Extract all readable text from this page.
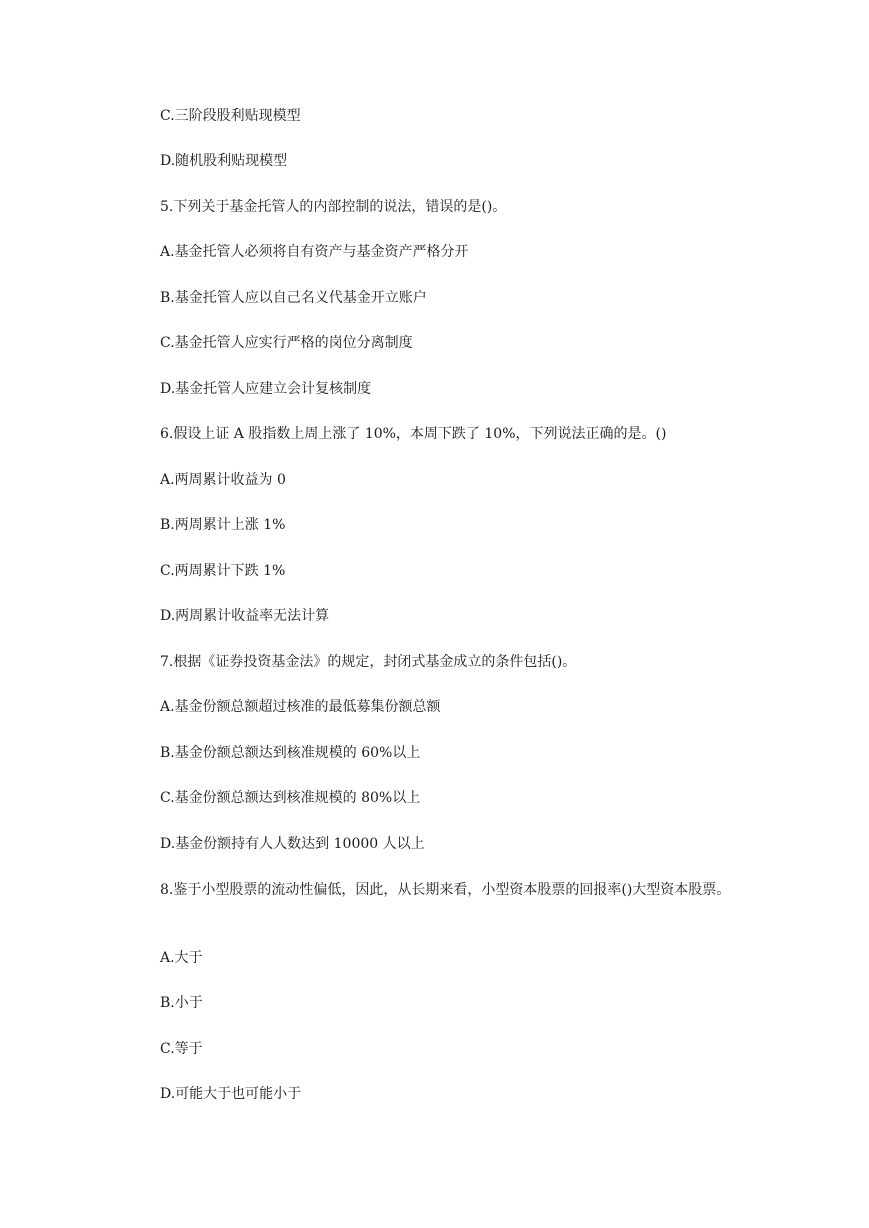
C.三阶段股利贴现模型
D.随机股利贴现模型
5.下列关于基金托管人的内部控制的说法，错误的是()。
A.基金托管人必须将自有资产与基金资产严格分开
B.基金托管人应以自己名义代基金开立账户
C.基金托管人应实行严格的岗位分离制度
D.基金托管人应建立会计复核制度
6.假设上证 A 股指数上周上涨了 10%，本周下跌了 10%，下列说法正确的是。()
A.两周累计收益为 0
B.两周累计上涨 1%
C.两周累计下跌 1%
D.两周累计收益率无法计算
7.根据《证券投资基金法》的规定，封闭式基金成立的条件包括()。
A.基金份额总额超过核准的最低募集份额总额
B.基金份额总额达到核准规模的 60%以上
C.基金份额总额达到核准规模的 80%以上
D.基金份额持有人人数达到 10000 人以上
8.鉴于小型股票的流动性偏低，因此，从长期来看，小型资本股票的回报率()大型资本股票。
A.大于
B.小于
C.等于
D.可能大于也可能小于
